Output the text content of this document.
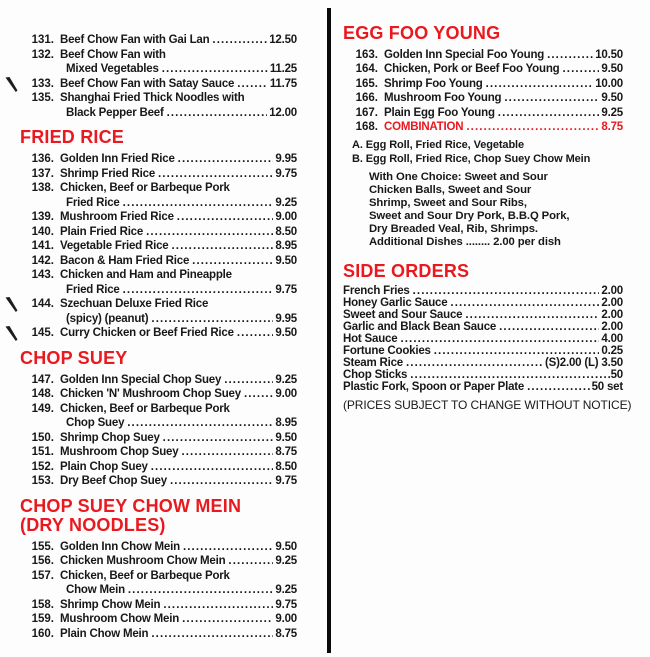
131. Beef Chow Fan with Gai Lan .....	12.50
132. Beef Chow Fan with
Mixed Vegetables .....	11.25
133. Beef Chow Fan with Satay Sauce .....	11.75
135. Shanghai Fried Thick Noodles with
Black Pepper Beef .....	12.00
FRIED RICE
136. Golden Inn Fried Rice .....	9.95
137. Shrimp Fried Rice .....	9.75
138. Chicken, Beef or Barbeque Pork
Fried Rice .....	9.25
139. Mushroom Fried Rice .....	9.00
140. Plain Fried Rice .....	8.50
141. Vegetable Fried Rice .....	8.95
142. Bacon & Ham Fried Rice .....	9.50
143. Chicken and Ham and Pineapple
Fried Rice .....	9.75
144. Szechuan Deluxe Fried Rice
(spicy) (peanut) .....	9.95
145. Curry Chicken or Beef Fried Rice .....	9.50
CHOP SUEY
147. Golden Inn Special Chop Suey .....	9.25
148. Chicken 'N' Mushroom Chop Suey .....	9.00
149. Chicken, Beef or Barbeque Pork
Chop Suey .....	8.95
150. Shrimp Chop Suey .....	9.50
151. Mushroom Chop Suey .....	8.75
152. Plain Chop Suey .....	8.50
153. Dry Beef Chop Suey .....	9.75
CHOP SUEY CHOW MEIN
(DRY NOODLES)
155. Golden Inn Chow Mein .....	9.50
156. Chicken Mushroom Chow Mein .....	9.25
157. Chicken, Beef or Barbeque Pork
Chow Mein .....	9.25
158. Shrimp Chow Mein .....	9.75
159. Mushroom Chow Mein .....	9.00
160. Plain Chow Mein .....	8.75
EGG FOO YOUNG
163. Golden Inn Special Foo Young .....	10.50
164. Chicken, Pork or Beef Foo Young .....	9.50
165. Shrimp Foo Young .....	10.00
166. Mushroom Foo Young .....	9.50
167. Plain Egg Foo Young .....	9.25
168. COMBINATION .....	8.75
A. Egg Roll, Fried Rice, Vegetable
B. Egg Roll, Fried Rice, Chop Suey Chow Mein
With One Choice: Sweet and Sour
Chicken Balls, Sweet and Sour
Shrimp, Sweet and Sour Ribs,
Sweet and Sour Dry Pork, B.B.Q Pork,
Dry Breaded Veal, Rib, Shrimps.
Additional Dishes ........ 2.00 per dish
SIDE ORDERS
French Fries .....	2.00
Honey Garlic Sauce .....	2.00
Sweet and Sour Sauce .....	2.00
Garlic and Black Bean Sauce .....	2.00
Hot Sauce .....	4.00
Fortune Cookies .....	0.25
Steam Rice .....	(S)2.00 (L) 3.50
Chop Sticks .....	.50
Plastic Fork, Spoon or Paper Plate .....	50 set
(PRICES SUBJECT TO CHANGE WITHOUT NOTICE)
